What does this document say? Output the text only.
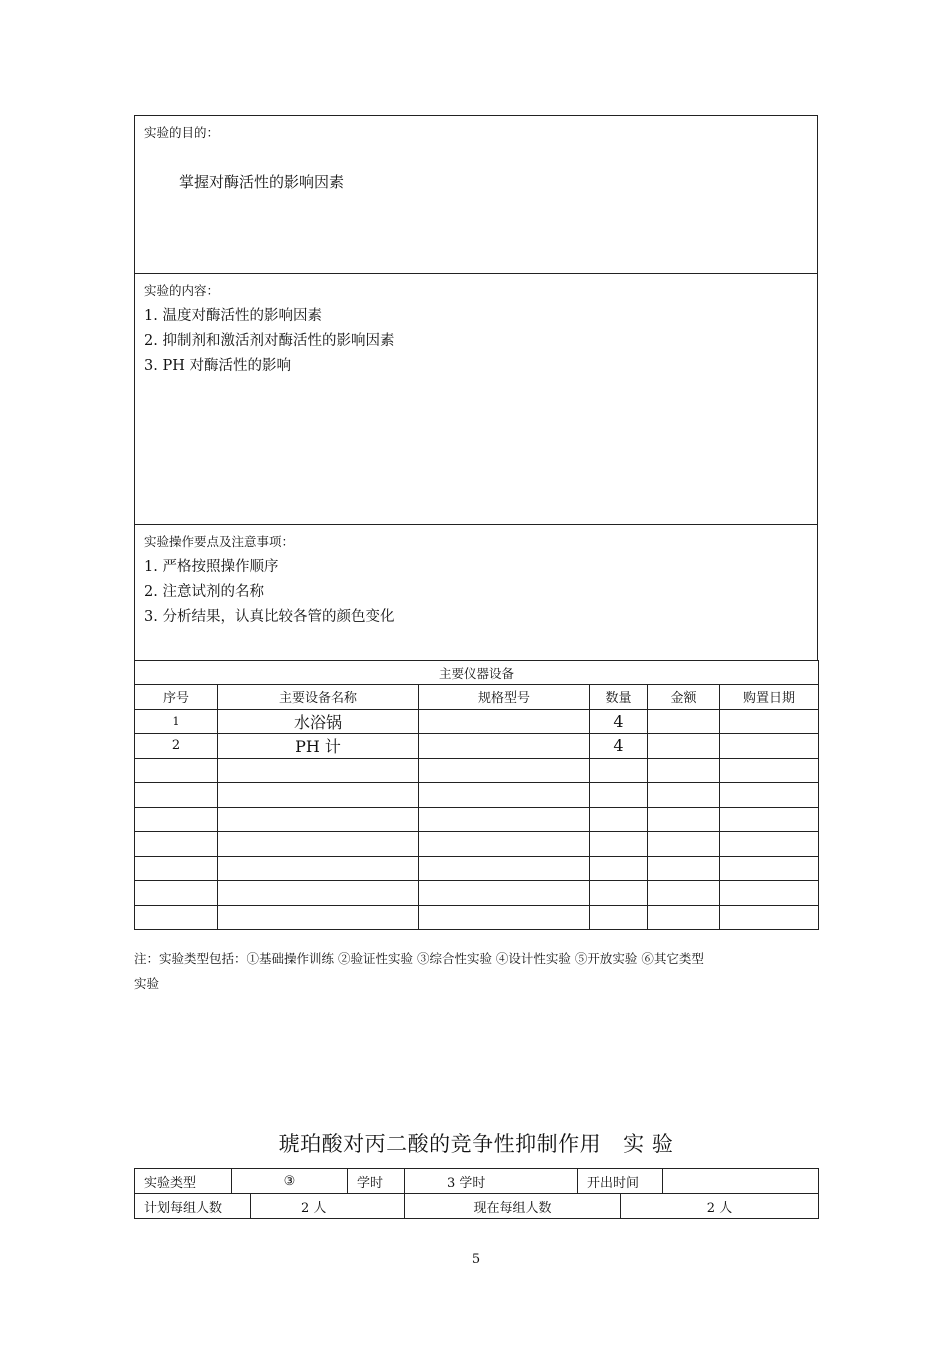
实验的目的：
掌握对酶活性的影响因素
实验的内容：
1. 温度对酶活性的影响因素
2. 抑制剂和激活剂对酶活性的影响因素
3. PH 对酶活性的影响
实验操作要点及注意事项：
1. 严格按照操作顺序
2. 注意试剂的名称
3. 分析结果，认真比较各管的颜色变化
主要仪器设备					
序号	主要设备名称	规格型号	数量	金额	购置日期
1	水浴锅		4		
2	PH 计		4		

注：实验类型包括：①基础操作训练 ②验证性实验 ③综合性实验 ④设计性实验 ⑤开放实验 ⑥其它类型
实验
琥珀酸对丙二酸的竞争性抑制作用 实 验
实验类型	③	学时	3 学时	开出时间	
计划每组人数	2 人	现在每组人数	2 人
5
